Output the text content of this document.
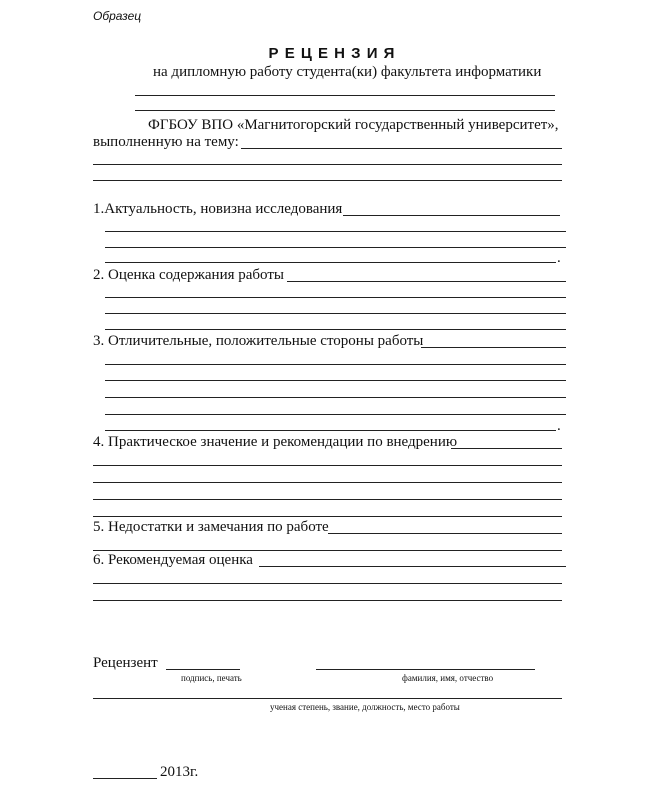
Образец
Р Е Ц Е Н З И Я
на дипломную работу студента(ки) факультета информатики
ФГБОУ ВПО «Магнитогорский государственный университет»,
выполненную на тему:
1.Актуальность, новизна исследования
.
2. Оценка содержания работы
3. Отличительные, положительные стороны работы
.
4. Практическое значение и рекомендации по внедрению
5. Недостатки и замечания по работе
6. Рекомендуемая оценка
Рецензент
подпись, печать	фамилия, имя, отчество
ученая степень, звание, должность, место работы
2013г.
